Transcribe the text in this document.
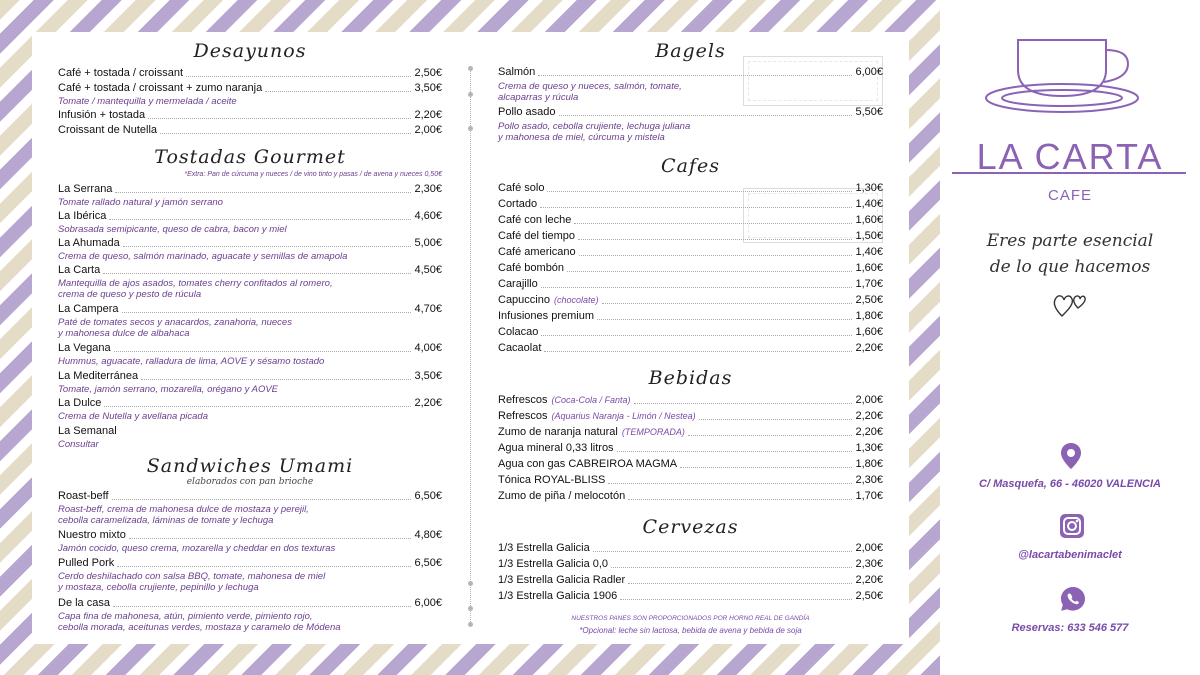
Desayunos
Café + tostada / croissant	2,50€
Café + tostada / croissant + zumo naranja	3,50€
Tomate / mantequilla y mermelada / aceite
Infusión + tostada	2,20€
Croissant de Nutella	2,00€
Tostadas Gourmet
*Extra: Pan de cúrcuma y nueces / de vino tinto y pasas / de avena y nueces 0,50€
La Serrana	2,30€
Tomate rallado natural y jamón serrano
La Ibérica	4,60€
Sobrasada semipicante, queso de cabra, bacon y miel
La Ahumada	5,00€
Crema de queso, salmón marinado, aguacate y semillas de amapola
La Carta	4,50€
Mantequilla de ajos asados, tomates cherry confitados al romero,
crema de queso y pesto de rúcula
La Campera	4,70€
Paté de tomates secos y anacardos, zanahoria, nueces
y mahonesa dulce de albahaca
La Vegana	4,00€
Hummus, aguacate, ralladura de lima, AOVE y sésamo tostado
La Mediterránea	3,50€
Tomate, jamón serrano, mozarella, orégano y AOVE
La Dulce	2,20€
Crema de Nutella y avellana picada
La Semanal
Consultar
Sandwiches Umami
elaborados con pan brioche
Roast-beff	6,50€
Roast-beff, crema de mahonesa dulce de mostaza y perejil,
cebolla caramelizada, láminas de tomate y lechuga
Nuestro mixto	4,80€
Jamón cocido, queso crema, mozarella y cheddar en dos texturas
Pulled Pork	6,50€
Cerdo deshilachado con salsa BBQ, tomate, mahonesa de miel
y mostaza, cebolla crujiente, pepinillo y lechuga
De la casa	6,00€
Capa fina de mahonesa, atún, pimiento verde, pimiento rojo,
cebolla morada, aceitunas verdes, mostaza y caramelo de Módena
Bagels
Salmón	6,00€
Crema de queso y nueces, salmón, tomate,
alcaparras y rúcula
Pollo asado	5,50€
Pollo asado, cebolla crujiente, lechuga juliana
y mahonesa de miel, cúrcuma y mistela
Cafes
Café solo	1,30€
Cortado	1,40€
Café con leche	1,60€
Café del tiempo	1,50€
Café americano	1,40€
Café bombón	1,60€
Carajillo	1,70€
Capuccino (chocolate)	2,50€
Infusiones premium	1,80€
Colacao	1,60€
Cacaolat	2,20€
Bebidas
Refrescos (Coca-Cola / Fanta)	2,00€
Refrescos (Aquarius Naranja - Limón / Nestea)	2,20€
Zumo de naranja natural (TEMPORADA)	2,20€
Agua mineral 0,33 litros	1,30€
Agua con gas CABREIROA MAGMA	1,80€
Tónica ROYAL-BLISS	2,30€
Zumo de piña / melocotón	1,70€
Cervezas
1/3 Estrella Galicia	2,00€
1/3 Estrella Galicia 0,0	2,30€
1/3 Estrella Galicia Radler	2,20€
1/3 Estrella Galicia 1906	2,50€
NUESTROS PANES SON PROPORCIONADOS POR HORNO REAL DE GANDÍA
*Opcional: leche sin lactosa, bebida de avena y bebida de soja
LA CARTA
CAFE
Eres parte esencial
de lo que hacemos
C/ Masquefa, 66 - 46020 VALENCIA
@lacartabenimaclet
Reservas: 633 546 577
